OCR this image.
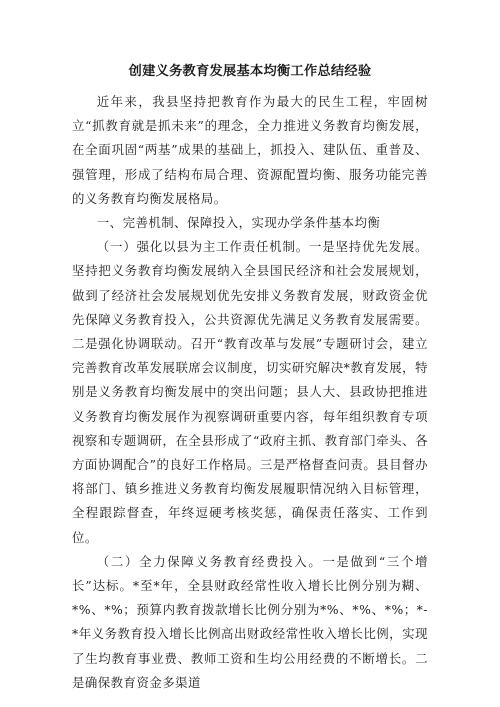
创建义务教育发展基本均衡工作总结经验

近年来，我县坚持把教育作为最大的民生工程，牢固树立“抓教育就是抓未来”的理念，全力推进义务教育均衡发展，在全面巩固“两基”成果的基础上，抓投入、建队伍、重普及、强管理，形成了结构布局合理、资源配置均衡、服务功能完善的义务教育均衡发展格局。

一、完善机制、保障投入，实现办学条件基本均衡

（一）强化以县为主工作责任机制。一是坚持优先发展。坚持把义务教育均衡发展纳入全县国民经济和社会发展规划，做到了经济社会发展规划优先安排义务教育发展，财政资金优先保障义务教育投入，公共资源优先满足义务教育发展需要。二是强化协调联动。召开“教育改革与发展”专题研讨会，建立完善教育改革发展联席会议制度，切实研究解决*教育发展，特别是义务教育均衡发展中的突出问题；县人大、县政协把推进义务教育均衡发展作为视察调研重要内容，每年组织教育专项视察和专题调研，在全县形成了“政府主抓、教育部门牵头、各方面协调配合”的良好工作格局。三是严格督查问责。县目督办将部门、镇乡推进义务教育均衡发展履职情况纳入目标管理，全程跟踪督查，年终逗硬考核奖惩，确保责任落实、工作到位。

（二）全力保障义务教育经费投入。一是做到“三个增长”达标。*至*年，全县财政经常性收入增长比例分别为糊、*%、*%；预算内教育拨款增长比例分别为*%、*%、*%；*-*年义务教育投入增长比例高出财政经常性收入增长比例，实现了生均教育事业费、教师工资和生均公用经费的不断增长。二是确保教育资金多渠道
